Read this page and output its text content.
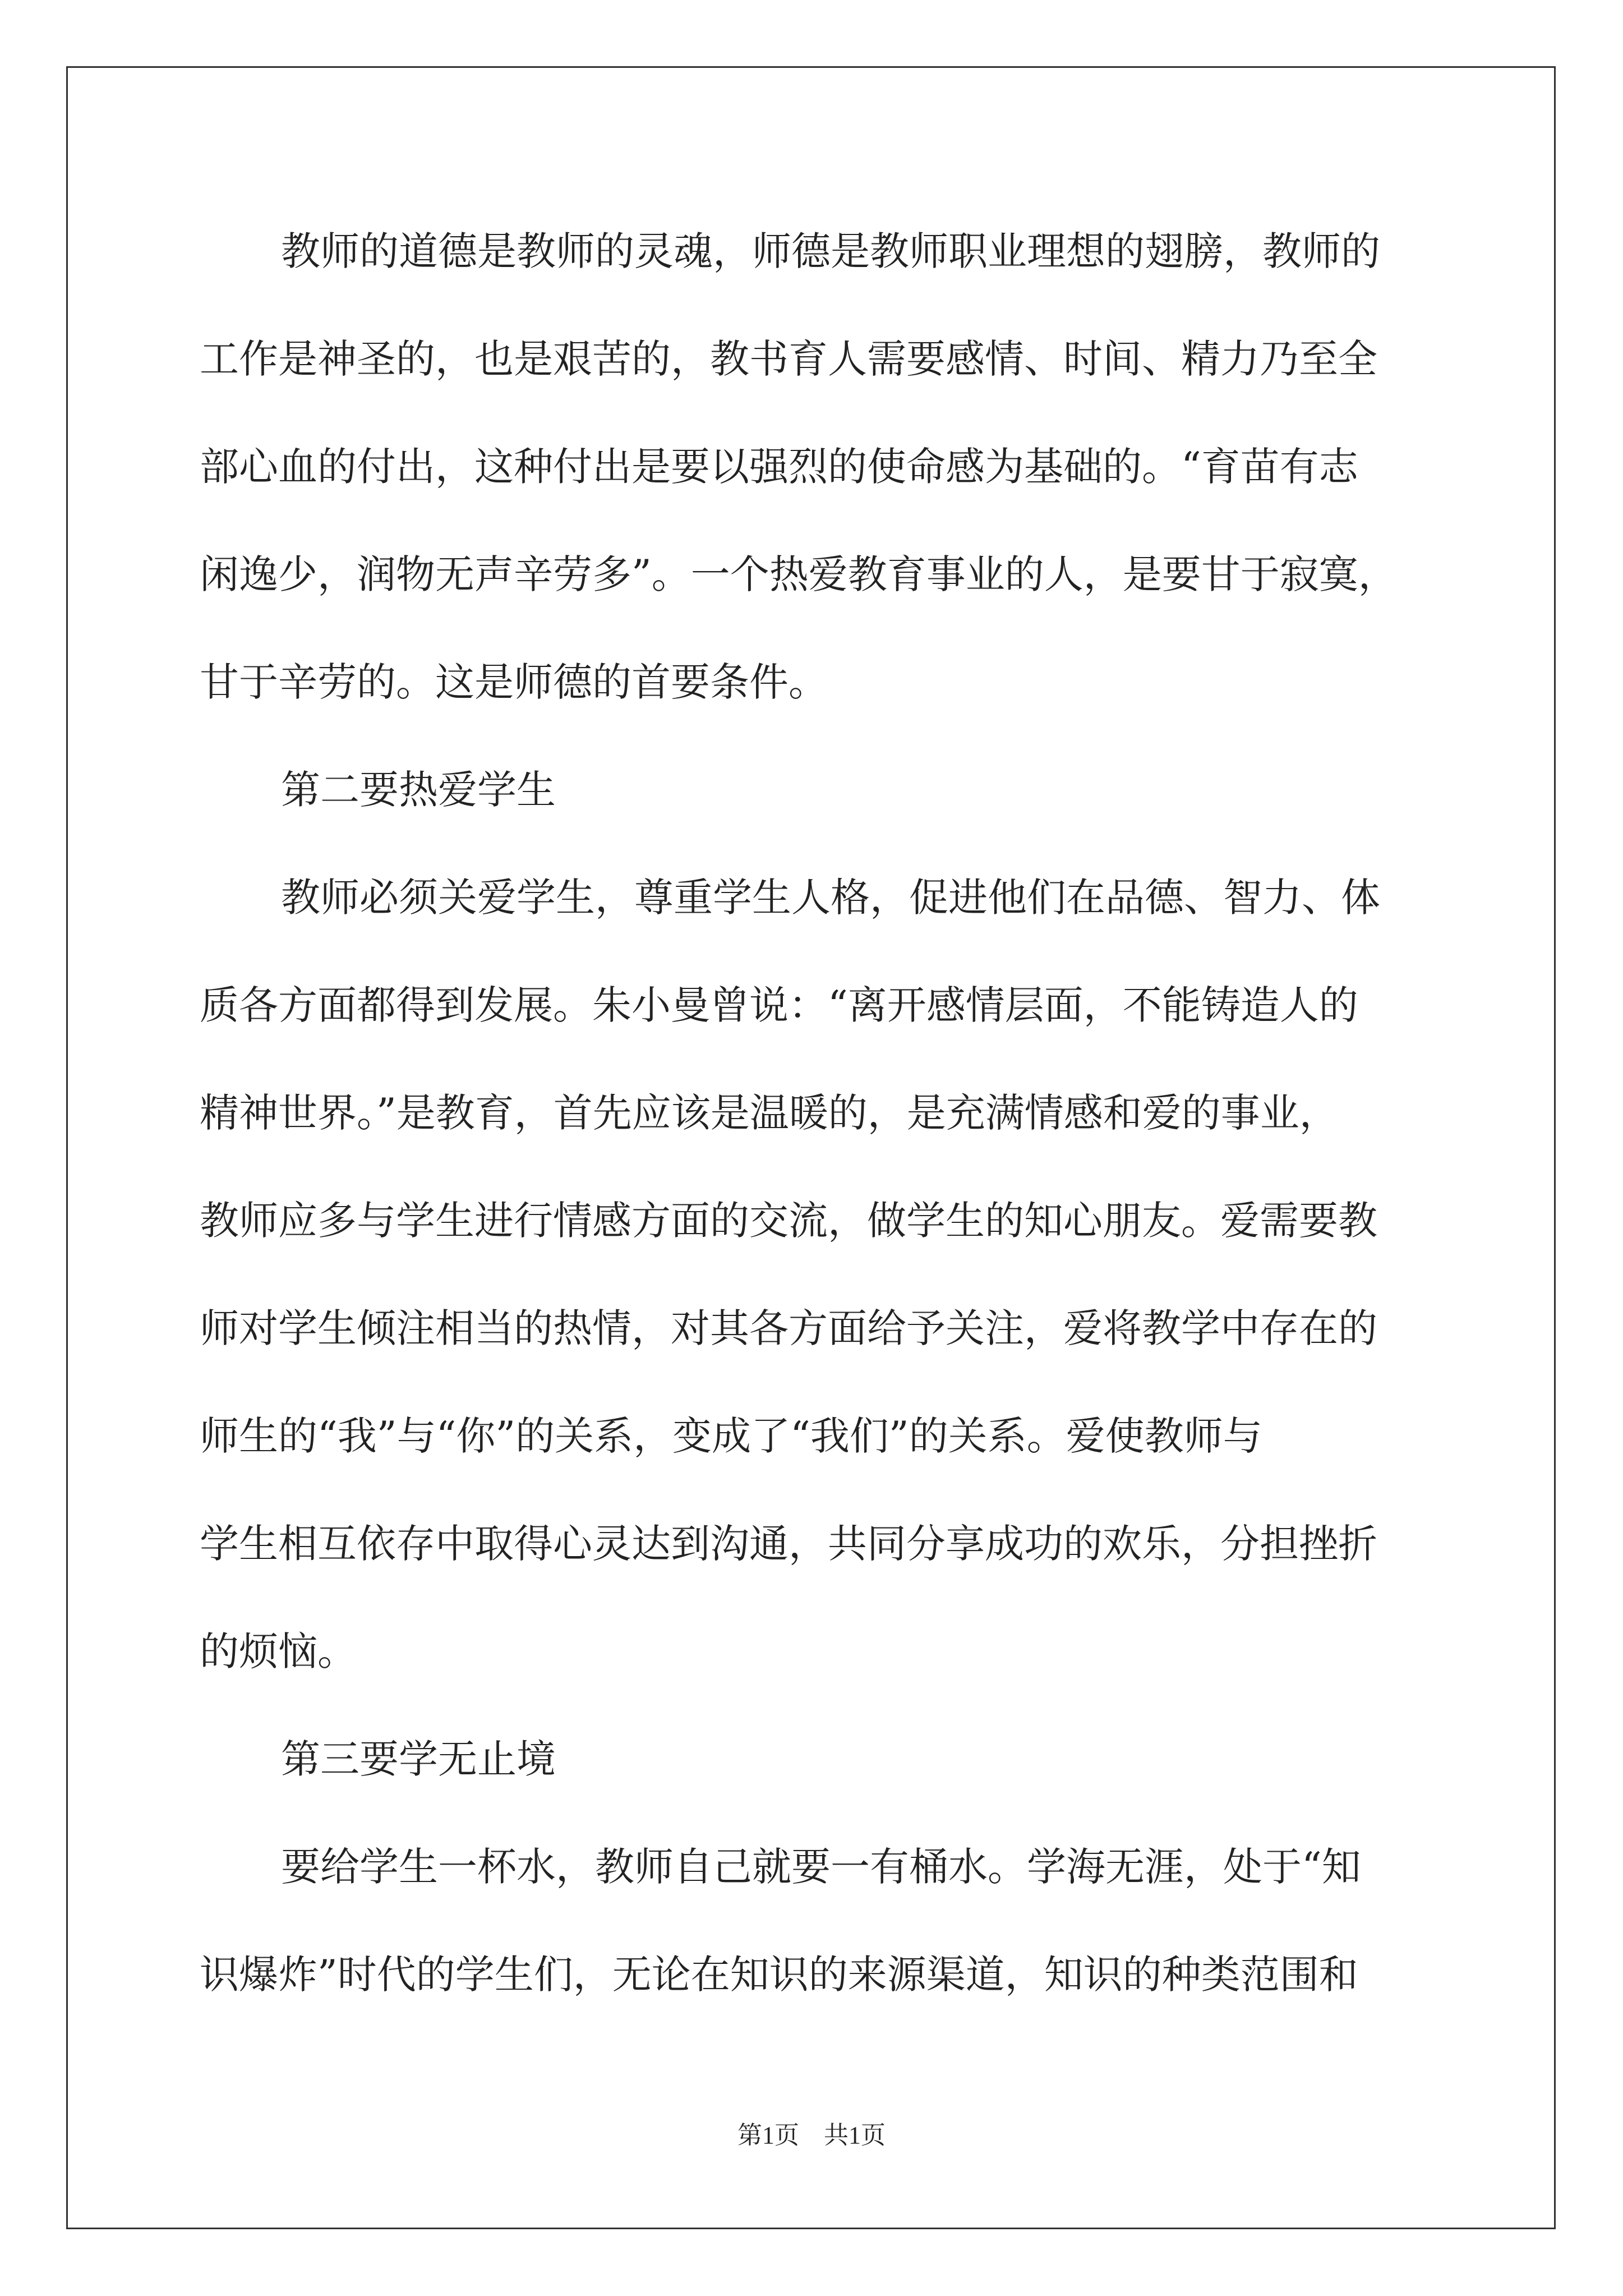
教师的道德是教师的灵魂，师德是教师职业理想的翅膀，教师的
工作是神圣的，也是艰苦的，教书育人需要感情、时间、精力乃至全
部心血的付出，这种付出是要以强烈的使命感为基础的。“育苗有志
闲逸少，润物无声辛劳多”。一个热爱教育事业的人，是要甘于寂寞，
甘于辛劳的。这是师德的首要条件。
第二要热爱学生
教师必须关爱学生，尊重学生人格，促进他们在品德、智力、体
质各方面都得到发展。朱小曼曾说：“离开感情层面，不能铸造人的
精神世界。”是教育，首先应该是温暖的，是充满情感和爱的事业，
教师应多与学生进行情感方面的交流，做学生的知心朋友。爱需要教
师对学生倾注相当的热情，对其各方面给予关注，爱将教学中存在的
师生的“我”与“你”的关系，变成了“我们”的关系。爱使教师与
学生相互依存中取得心灵达到沟通，共同分享成功的欢乐，分担挫折
的烦恼。
第三要学无止境
要给学生一杯水，教师自己就要一有桶水。学海无涯，处于“知
识爆炸”时代的学生们，无论在知识的来源渠道，知识的种类范围和
第1页　共1页
